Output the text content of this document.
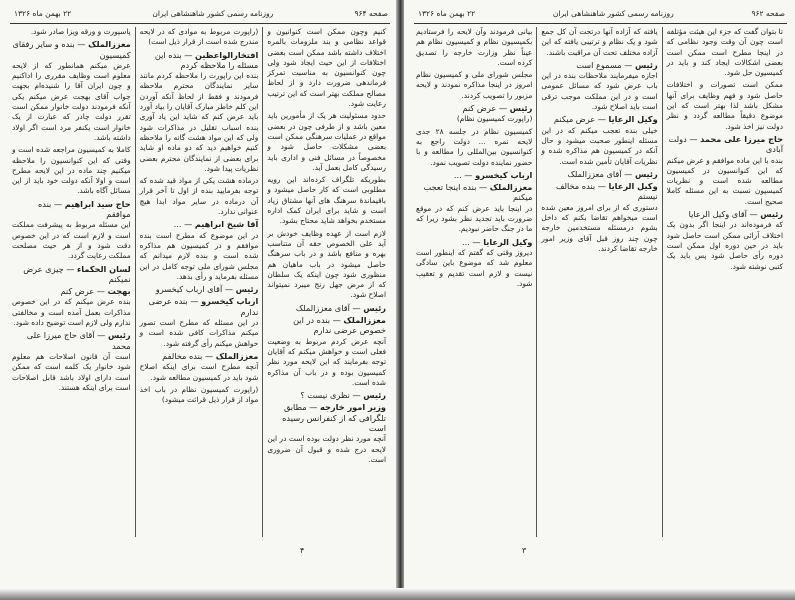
صفحه ۹۶۴
روزنامه رسمی کشور شاهنشاهی ایران
۲۲ بهمن ماه ۱۳۲۶

کنیم وچون ممکن است کنوانیون و قواعد نظامی و بند ملزومات بالمره اختلاف داشته باشد ممکن است بعضی اختلافات از این حیث ایجاد شود ولی چون کنوانسیون به مناسبت تمرکز فرماندهی ضرورت دارد و از لحاظ مصالح مملکت بهتر است که این ترتیب رعایت شود.

حدود مسئولیت هر یک از مأمورین باید معین باشد و از طرفی چون در بعضی مواقع در عملیات سرهنگی ممکن است بعضی مشکلات حاصل شود و مخصوصاً در مسائل فنی و اداری باید رسیدگی کامل بعمل آید.

بطوریکه تلگراف کرده‌اند این رویه مطلوبی است که کار حاصل میشود و باقیماندهٔ سرهنگ های آنها مشتاق زیاد است و شاید برای ایران کمک اداره مستخدم بخواهد شاید محتاج بشود.

لازم است از عهده وظایف خودش بر آید علی الخصوص حقه آن متناسب بهره و منافع باشد و در باب سرهنگ حاصل میشود در باب ماهیان هم منظوری شود چون اینکه یک سلطان که از مرض جهل رنج میبرد نمیتواند اصلاح شود.

رئیس — آقای معززالملک
معززالملک — بنده در این خصوص عرضی ندارم

آنچه عرض کردم مربوط به وضعیت فعلی است و خواهش میکنم که آقایان توجه بفرمایند که این لایحه مورد نظر کمیسیون بوده و در باب آن مذاکره شده است.

رئیس — نظری نیست ؟
وزیر امور خارجه — مطابق تلگرافی که از کنفرانس رسیده است

آنچه مورد نظر دولت بوده است در این لایحه درج شده و قبول آن ضروری است.

(راپورت مربوط به موادی که در لایحه مندرج شده است از قرار ذیل است)

افتخارالواعظین — بنده این مسئله را ملاحظه کردم

بنده این راپورت را ملاحظه کردم مانند سایر نمایندگان محترم ملاحظه فرمودند و فقط از لحاظ آنکه آوردن این کلم خاطر مبارک آقایان را بیاد آورد باید عرض کنم که شاید این یاد آوری بنده اسباب تقلیل در مذاکرات شود ولی که این مواد هشت گانه را ملاحظه کنیم خواهیم دید که دو ماده او شاید برای بعضی از نمایندگان محترم بعضی نظریات پیدا شود.

درماده هشت یکی از مواد قید شده که توجه بفرمایید بنده از اول تا آخر قرار آن درماده در سایر مواد ابدا هیچ عنوانی ندارد.

آقا شیخ ابراهیم — ...

در این موضوع که مطرح است بنده موافقم و در کمیسیون هم مذاکره شده است و بنده لازم میدانم که مجلس شورای ملی توجه کامل در این مسئله بفرماید و رأی بدهد.

رئیس — آقای ارباب کیخسرو
ارباب کیخسرو — بنده عرضی ندارم

در این مسئله که مطرح است تصور میکنم مذاکرات کافی شده است و خواهش میکنم رأی گرفته شود.

معززالملک — بنده مخالفم

آنچه مطرح است برای اینکه اصلاح شود باید در کمیسیون مطالعه شود.

(راپورت کمیسیون نظام در باب اخذ مواد از قرار ذیل قرائت میشود)

پاسپورت و ورقه ویزا صادر شود.

معززالملک — بنده و سایر رفقای کمیسیون

عرض میکنم همانطور که از لایحه معلوم است وظایف مقرری را اداکنیم و چون ایران آقا را شنیده‌ام بجهت جواب آقای بهجت عرض میکنم یکی آنکه فرمودند دولت خانوار ممکن است تقرر دولت چادر که عبارت از یک خانوار است یکنفر مرد است اگر اولاد داشته باشد.

کاملا به کمیسیون مراجعه شده است و وقتی که این کنوانسیون را ملاحظه میکنیم چند ماده در این لایحه مطرح است و اولا آنکه دولت خود باید از این مسائل آگاه باشد.

حاج سید ابراهیم — بنده موافقم

این مسئله مربوط به پیشرفت مملکت است و لازم است که در این خصوص دقت شود و از هر حیث مصلحت مملکت رعایت گردد.

لسان الحکماء — چیزی عرض نمیکنم
بهجت — عرض کنم

بنده عرض میکنم که در این خصوص مذاکرات بعمل آمده است و مخالفتی ندارم ولی لازم است توضیح داده شود.

رئیس — آقای حاج میرزا علی محمد

است آن قانون اصلاحات هم معلوم شود خانوار یک کلمه است که ممکن است دارای اولاد باشد قابل اصلاحات است برای اینکه هستند.

۴
صفحه ۹۶۲
روزنامه رسمی کشور شاهنشاهی ایران
۲۲ بهمن ماه ۱۳۲۶

تا بتوان گفت که جزء این هیئت مؤتلفه است چون آن وقت وجود نظامی که در اینجا مطرح است ممکن است بعضی اشکالات ایجاد کند و باید در کمیسیون حل شود.

ممکن است تصورات و اختلافات حاصل شود و فهم وظایف برای آنها مشکل باشد لذا بهتر است که این موضوع دقیقاً مطالعه گردد و نظر دولت نیز اخذ شود.

حاج میرزا علی محمد — دولت آبادی

بنده با این ماده موافقم و عرض میکنم که این کنوانسیون در کمیسیون مطالعه شده است و نظریات کمیسیون نسبت به این مسئله کاملا صحیح است.

رئیس — آقای وکیل الرعایا

که فرموده‌اند در اینجا اگر بدون یک اختلاف آرائی ممکن است حاصل شود باید در حین دوره اول ممکن است دوره رأی حاصل شود پس باید یک کتبی نوشته شود.

یافته که آزاده آنها درتحت آن کل جمع شود و یک نظام و ترتیبی یافته که این آزاده مختلف تحت آن مراقبت باشند.

رئیس — مسموع است

اجازه میفرمایند ملاحظات بنده در این باب عرض شود که مسائل عمومی است و در این مملکت موجب ترقی است باید اصلاح شود.

وکیل الرعایا — عرض میکنم

خیلی بنده تعجب میکنم که در این مسئله اینطور صحبت میشود و حال آنکه در کمیسیون هم مذاکره شده و نظریات آقایان تأمین شده است.

رئیس — آقای معززالملک
وکیل الرعایا — بنده مخالف نیستم

دستوری که از برای امروز معین شده است میخواهم تقاضا بکنم که داخل بشوم درمسئله مستخدمین خارجه چون چند روز قبل آقای وزیر امور خارجه تقاضا کردند.

بیانی فرمودند وآن لایحه را فرستادیم بکمیسیون نظام و کمیسیون نظام هم عیناً نظر وزارت خارجه را تصدیق کرده است.

مجلس شورای ملی و کمیسیون نظام امروز در اینجا مذاکره نمودند و لایحه مزبور را تصویب کردند.

رئیس — عرض کنم

(راپورت کمیسیون نظام)

کمیسیون نظام در جلسه ۲۸ جدی لایحه نمره ... دولت راجع به کنوانسیون بین‌المللی را مطالعه و با حضور نماینده دولت تصویب نمود.

ارباب کیخسرو — ...
معززالملک — بنده اینجا تعجب میکنم

در اینجا باید عرض کنم که در موقع ضرورت باید تجدید نظر بشود زیرا که ما در جنگ حاضر نبودیم.

وکیل الرعایا — ...

دیروز وقتی که گفتم که اینطور است معلوم شد که موضوع باین سادگی نیست و لازم است تقدیم و تعقیب شود.

۳
